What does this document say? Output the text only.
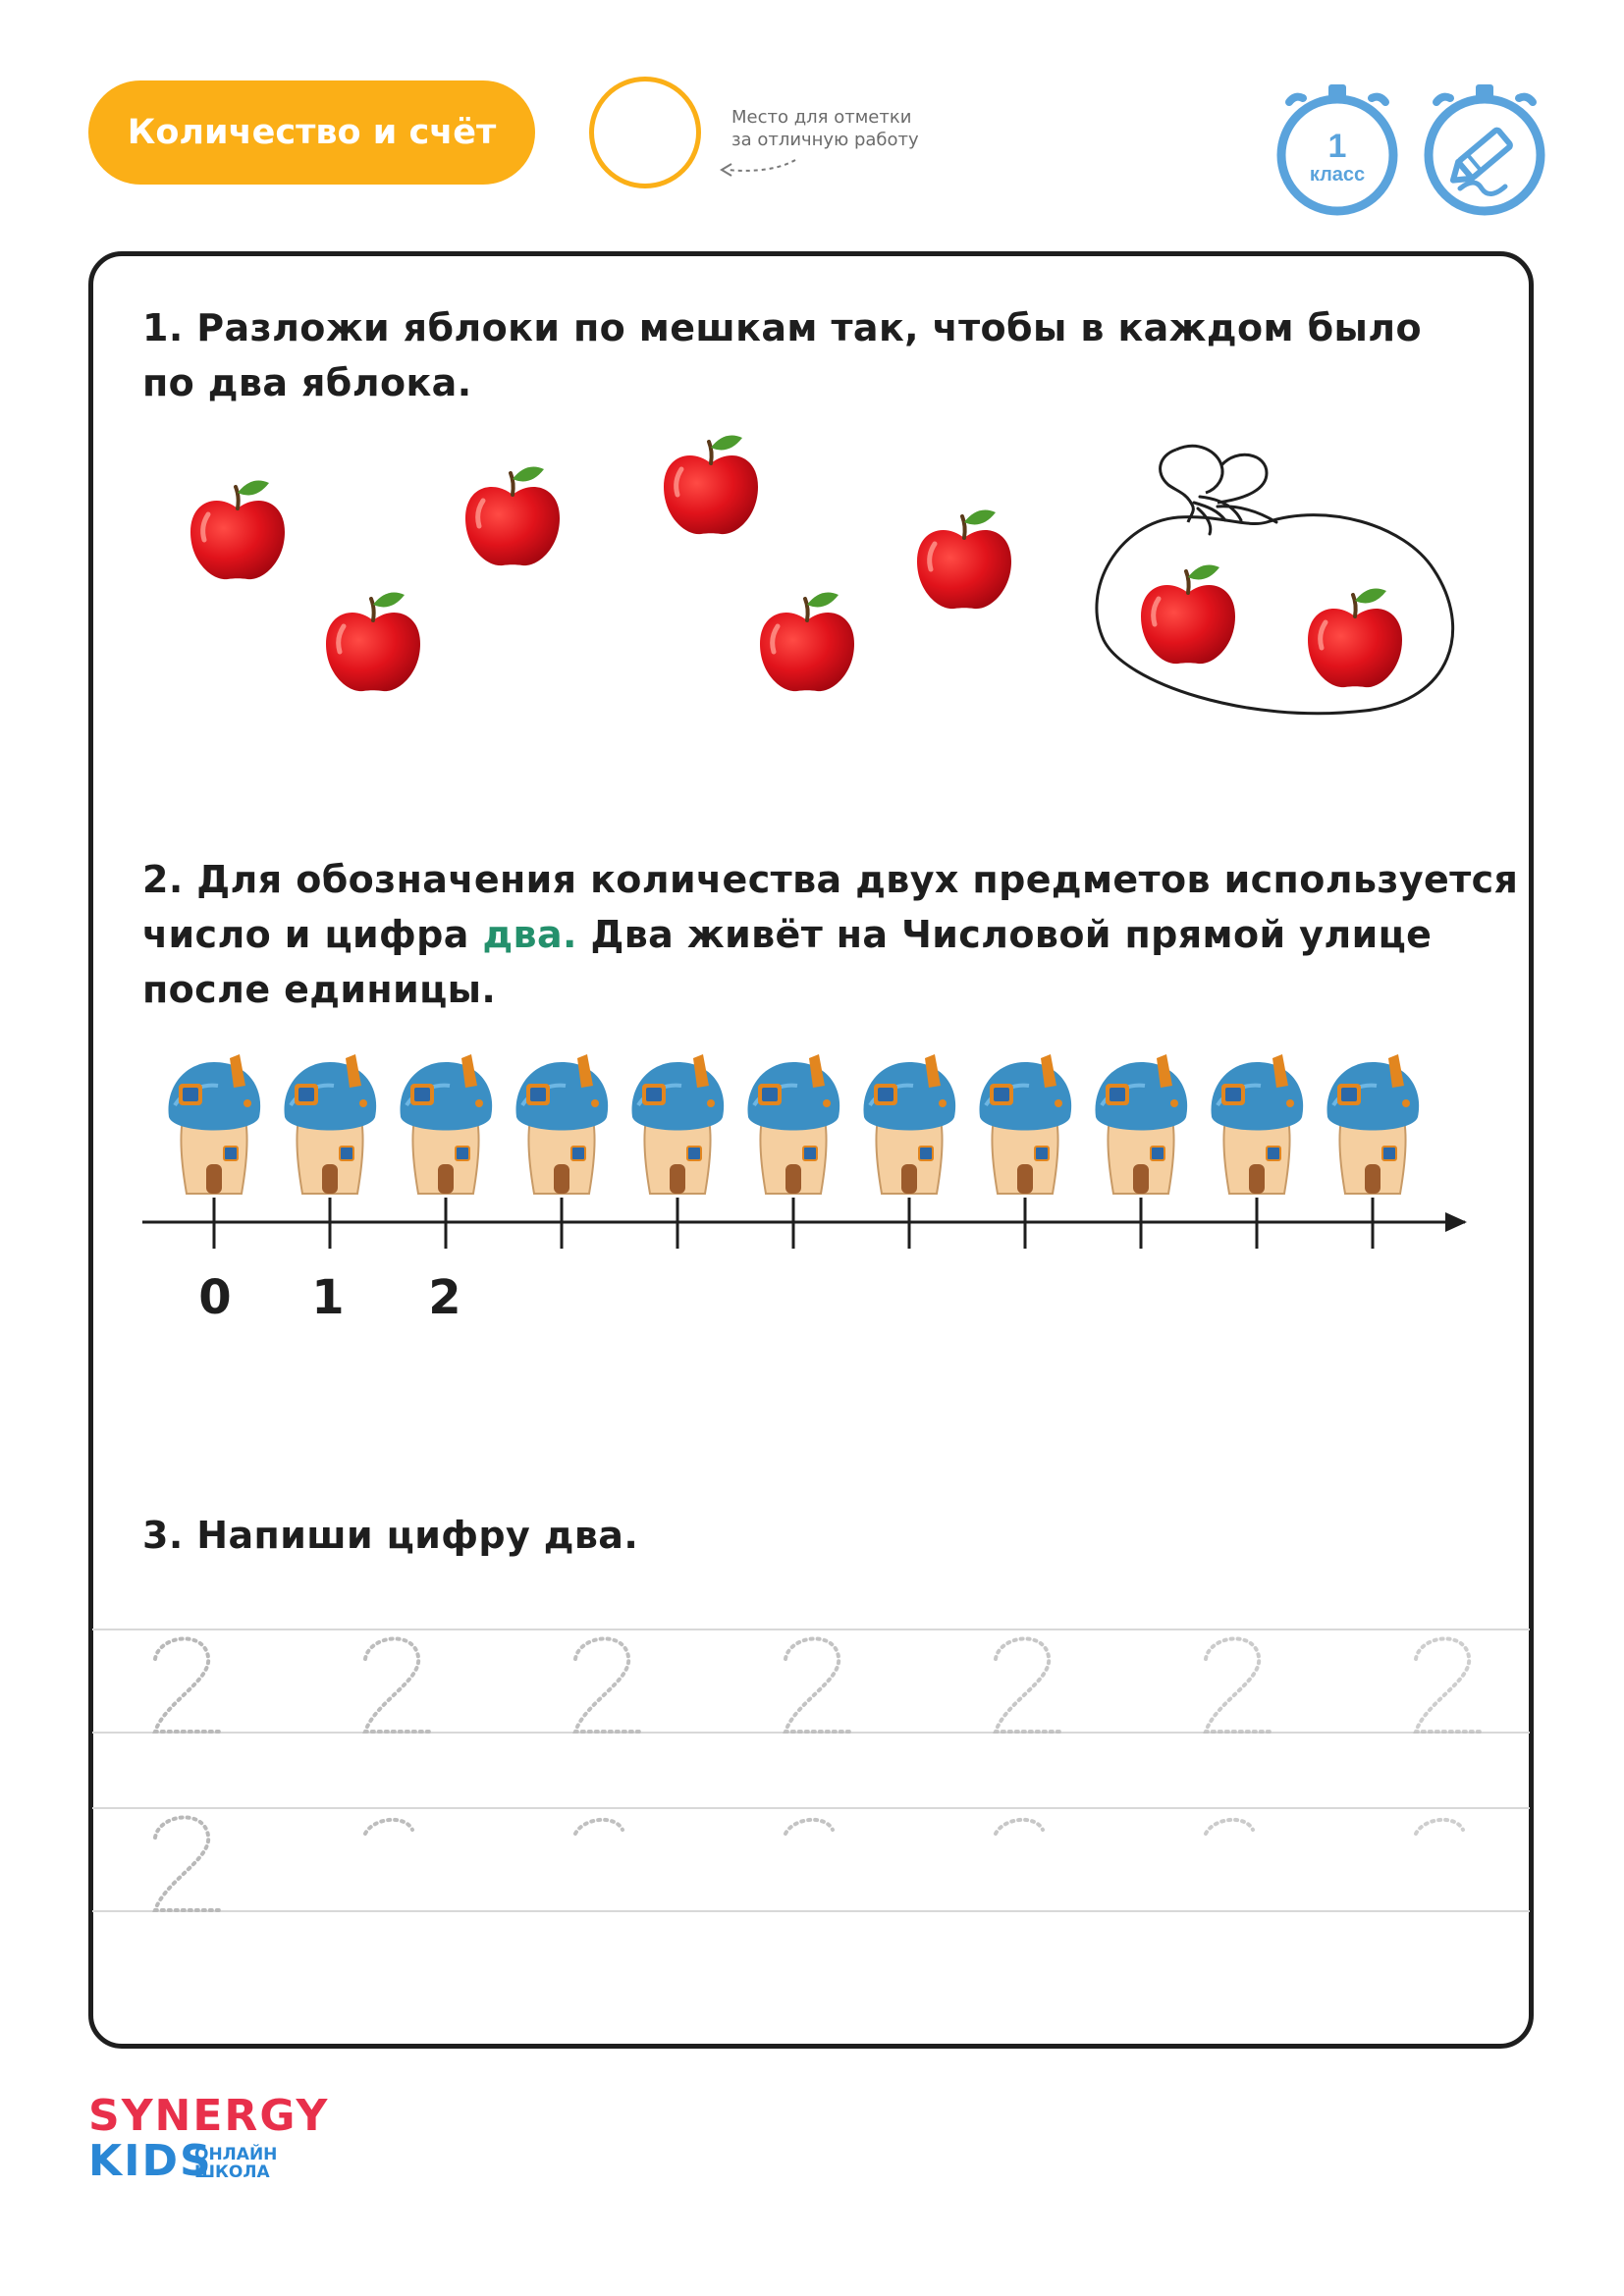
Количество и счёт	Место для отметки
за отличную работу	1
класс
1. Разложи яблоки по мешкам так, чтобы в каждом было
по два яблока.
2. Для обозначения количества двух предметов используется
число и цифра два. Два живёт на Числовой прямой улице
после единицы.
0 1 2
3. Напиши цифру два.
SYNERGY
KIDS
ОНЛАЙН
ШКОЛА
